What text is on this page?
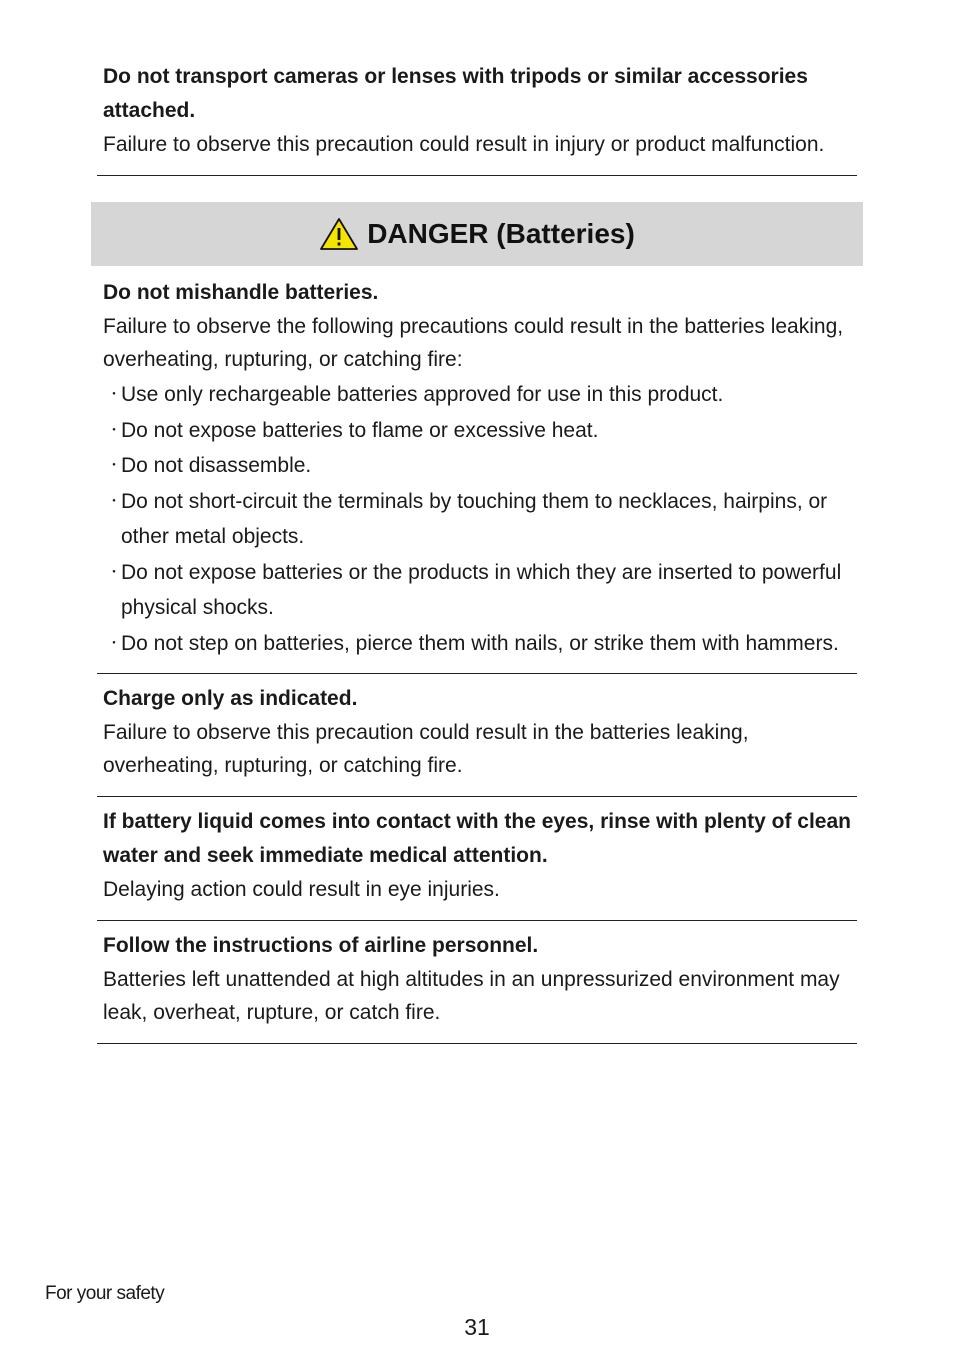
Do not transport cameras or lenses with tripods or similar accessories attached.

Failure to observe this precaution could result in injury or product malfunction.

DANGER (Batteries)

Do not mishandle batteries.

Failure to observe the following precautions could result in the batteries leaking, overheating, rupturing, or catching fire:

・ Use only rechargeable batteries approved for use in this product.
・ Do not expose batteries to flame or excessive heat.
・ Do not disassemble.
・ Do not short-circuit the terminals by touching them to necklaces, hairpins, or other metal objects.
・ Do not expose batteries or the products in which they are inserted to powerful physical shocks.
・ Do not step on batteries, pierce them with nails, or strike them with hammers.

Charge only as indicated.

Failure to observe this precaution could result in the batteries leaking, overheating, rupturing, or catching fire.

If battery liquid comes into contact with the eyes, rinse with plenty of clean water and seek immediate medical attention.

Delaying action could result in eye injuries.

Follow the instructions of airline personnel.

Batteries left unattended at high altitudes in an unpressurized environment may leak, overheat, rupture, or catch fire.

For your safety
31
